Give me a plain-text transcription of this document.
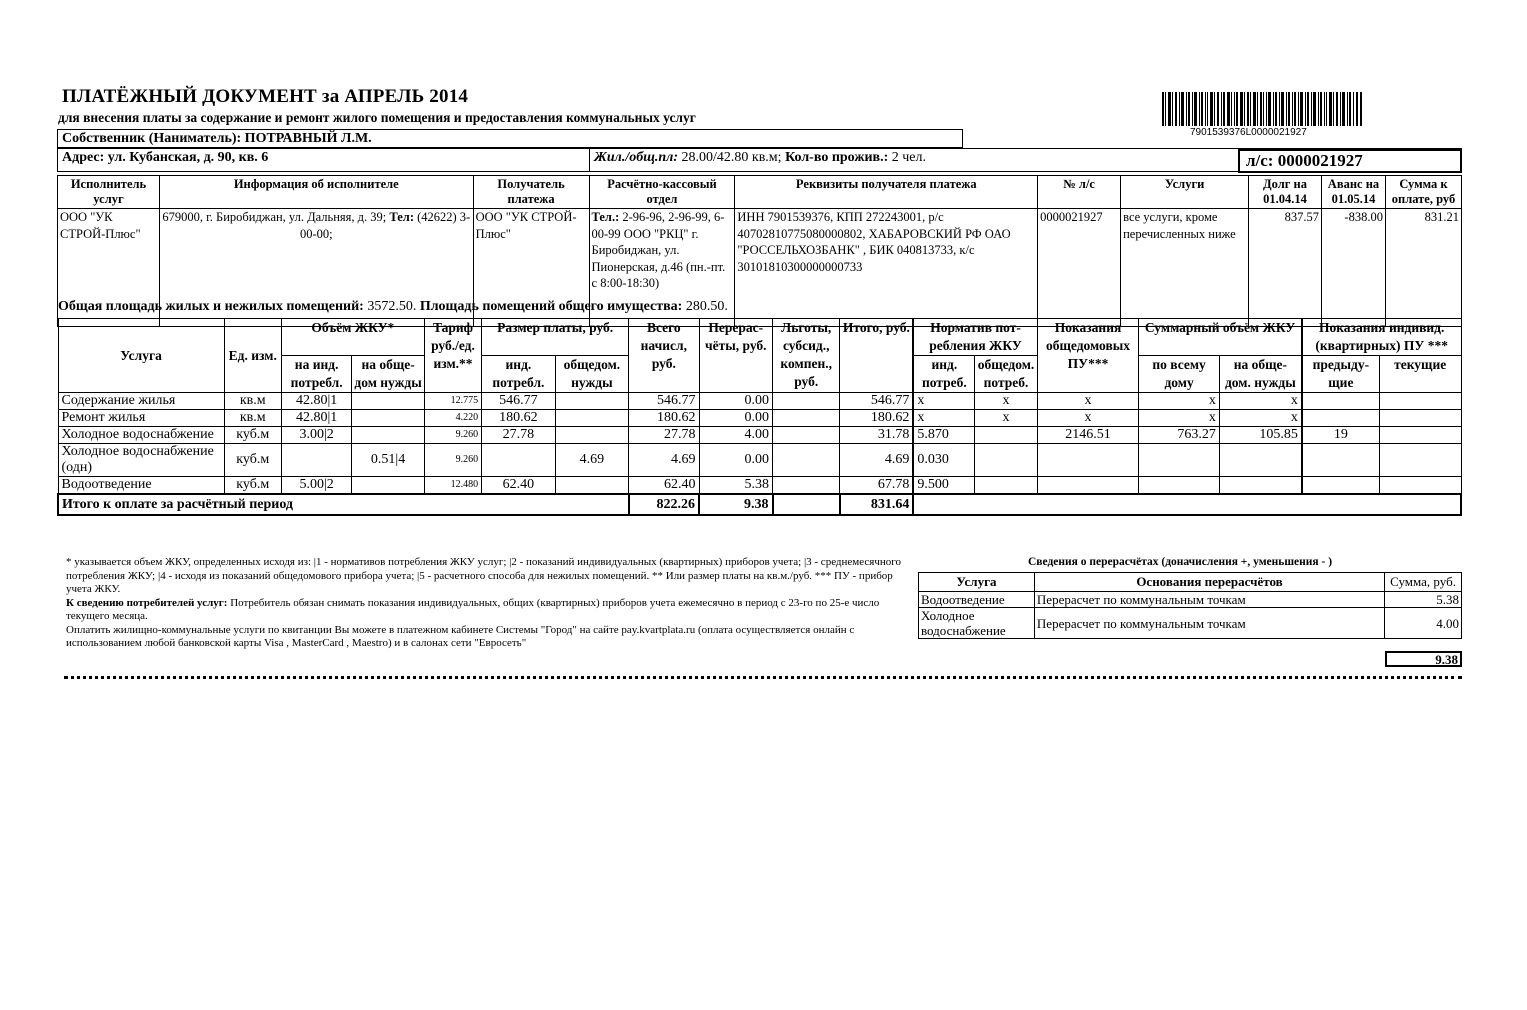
ПЛАТЁЖНЫЙ ДОКУМЕНТ за АПРЕЛЬ 2014
для внесения платы за содержание и ремонт жилого помещения и предоставления коммунальных услуг
7901539376L0000021927
Собственник (Наниматель): ПОТРАВНЫЙ Л.М.
Адрес: ул. Кубанская, д. 90, кв. 6	Жил./общ.пл: 28.00/42.80 кв.м; Кол-во прожив.: 2 чел.	л/с: 0000021927
Исполнитель услуг	Информация об исполнителе	Получатель платежа	Расчётно-кассовый отдел	Реквизиты получателя платежа	№ л/с	Услуги	Долг на 01.04.14	Аванс на 01.05.14	Сумма к оплате, руб
ООО "УК СТРОЙ-Плюс"	679000, г. Биробиджан, ул. Дальняя, д. 39; Тел: (42622) 3-00-00;	ООО "УК СТРОЙ-Плюс"	Тел.: 2-96-96, 2-96-99, 6-00-99 ООО "РКЦ" г. Биробиджан, ул. Пионерская, д.46 (пн.-пт. с 8:00-18:30)	ИНН 7901539376, КПП 272243001, р/с 40702810775080000802, ХАБАРОВСКИЙ РФ ОАО "РОССЕЛЬХОЗБАНК" , БИК 040813733, к/с 30101810300000000733	0000021927	все услуги, кроме перечисленных ниже	837.57	-838.00	831.21
Общая площадь жилых и нежилых помещений: 3572.50. Площадь помещений общего имущества: 280.50.
Услуга	Ед. изм.	Объём ЖКУ*		Тариф руб./ед. изм.**	Размер платы, руб.		Всего начисл, руб.	Перерас-чёты, руб.	Льготы, субсид., компен., руб.	Итого, руб.	Норматив пот-ребления ЖКУ		Показания общедомовых ПУ***	Суммарный объём ЖКУ		Показания индивид. (квартирных) ПУ ***	
		на инд. потребл.	на обще-дом нужды		инд. потребл.	общедом. нужды					инд. потреб.	общедом. потреб.		по всему дому	на обще-дом. нужды	предыду-щие	текущие
Содержание жилья	кв.м	42.80|1		12.775	546.77		546.77	0.00		546.77	x	x	x	x	x		
Ремонт жилья	кв.м	42.80|1		4.220	180.62		180.62	0.00		180.62	x	x	x	x	x		
Холодное водоснабжение	куб.м	3.00|2		9.260	27.78		27.78	4.00		31.78	5.870		2146.51	763.27	105.85	19	
Холодное водоснабжение (одн)	куб.м		0.51|4	9.260		4.69	4.69	0.00		4.69	0.030						
Водоотведение	куб.м	5.00|2		12.480	62.40		62.40	5.38		67.78	9.500						
Итого к оплате за расчётный период							822.26	9.38		831.64							
* указывается объем ЖКУ, определенных исходя из: |1 - нормативов потребления ЖКУ услуг; |2 - показаний индивидуальных (квартирных) приборов учета; |3 - среднемесячного потребления ЖКУ; |4 - исходя из показаний общедомового прибора учета; |5 - расчетного способа для нежилых помещений. ** Или размер платы на кв.м./руб. *** ПУ - прибор учета ЖКУ.
К сведению потребителей услуг: Потребитель обязан снимать показания индивидуальных, общих (квартирных) приборов учета ежемесячно в период с 23-го по 25-е число текущего месяца.
Оплатить жилищно-коммунальные услуги по квитанции Вы можете в платежном кабинете Системы "Город" на сайте pay.kvartplata.ru (оплата осуществляется онлайн с использованием любой банковской карты Visa , MasterCard , Maestro) и в салонах сети "Евросеть"
Сведения о перерасчётах (доначисления +, уменьшения - )
Услуга	Основания перерасчётов	Сумма, руб.
Водоотведение	Перерасчет по коммунальным точкам	5.38
Холодное водоснабжение	Перерасчет по коммунальным точкам	4.00
9.38
